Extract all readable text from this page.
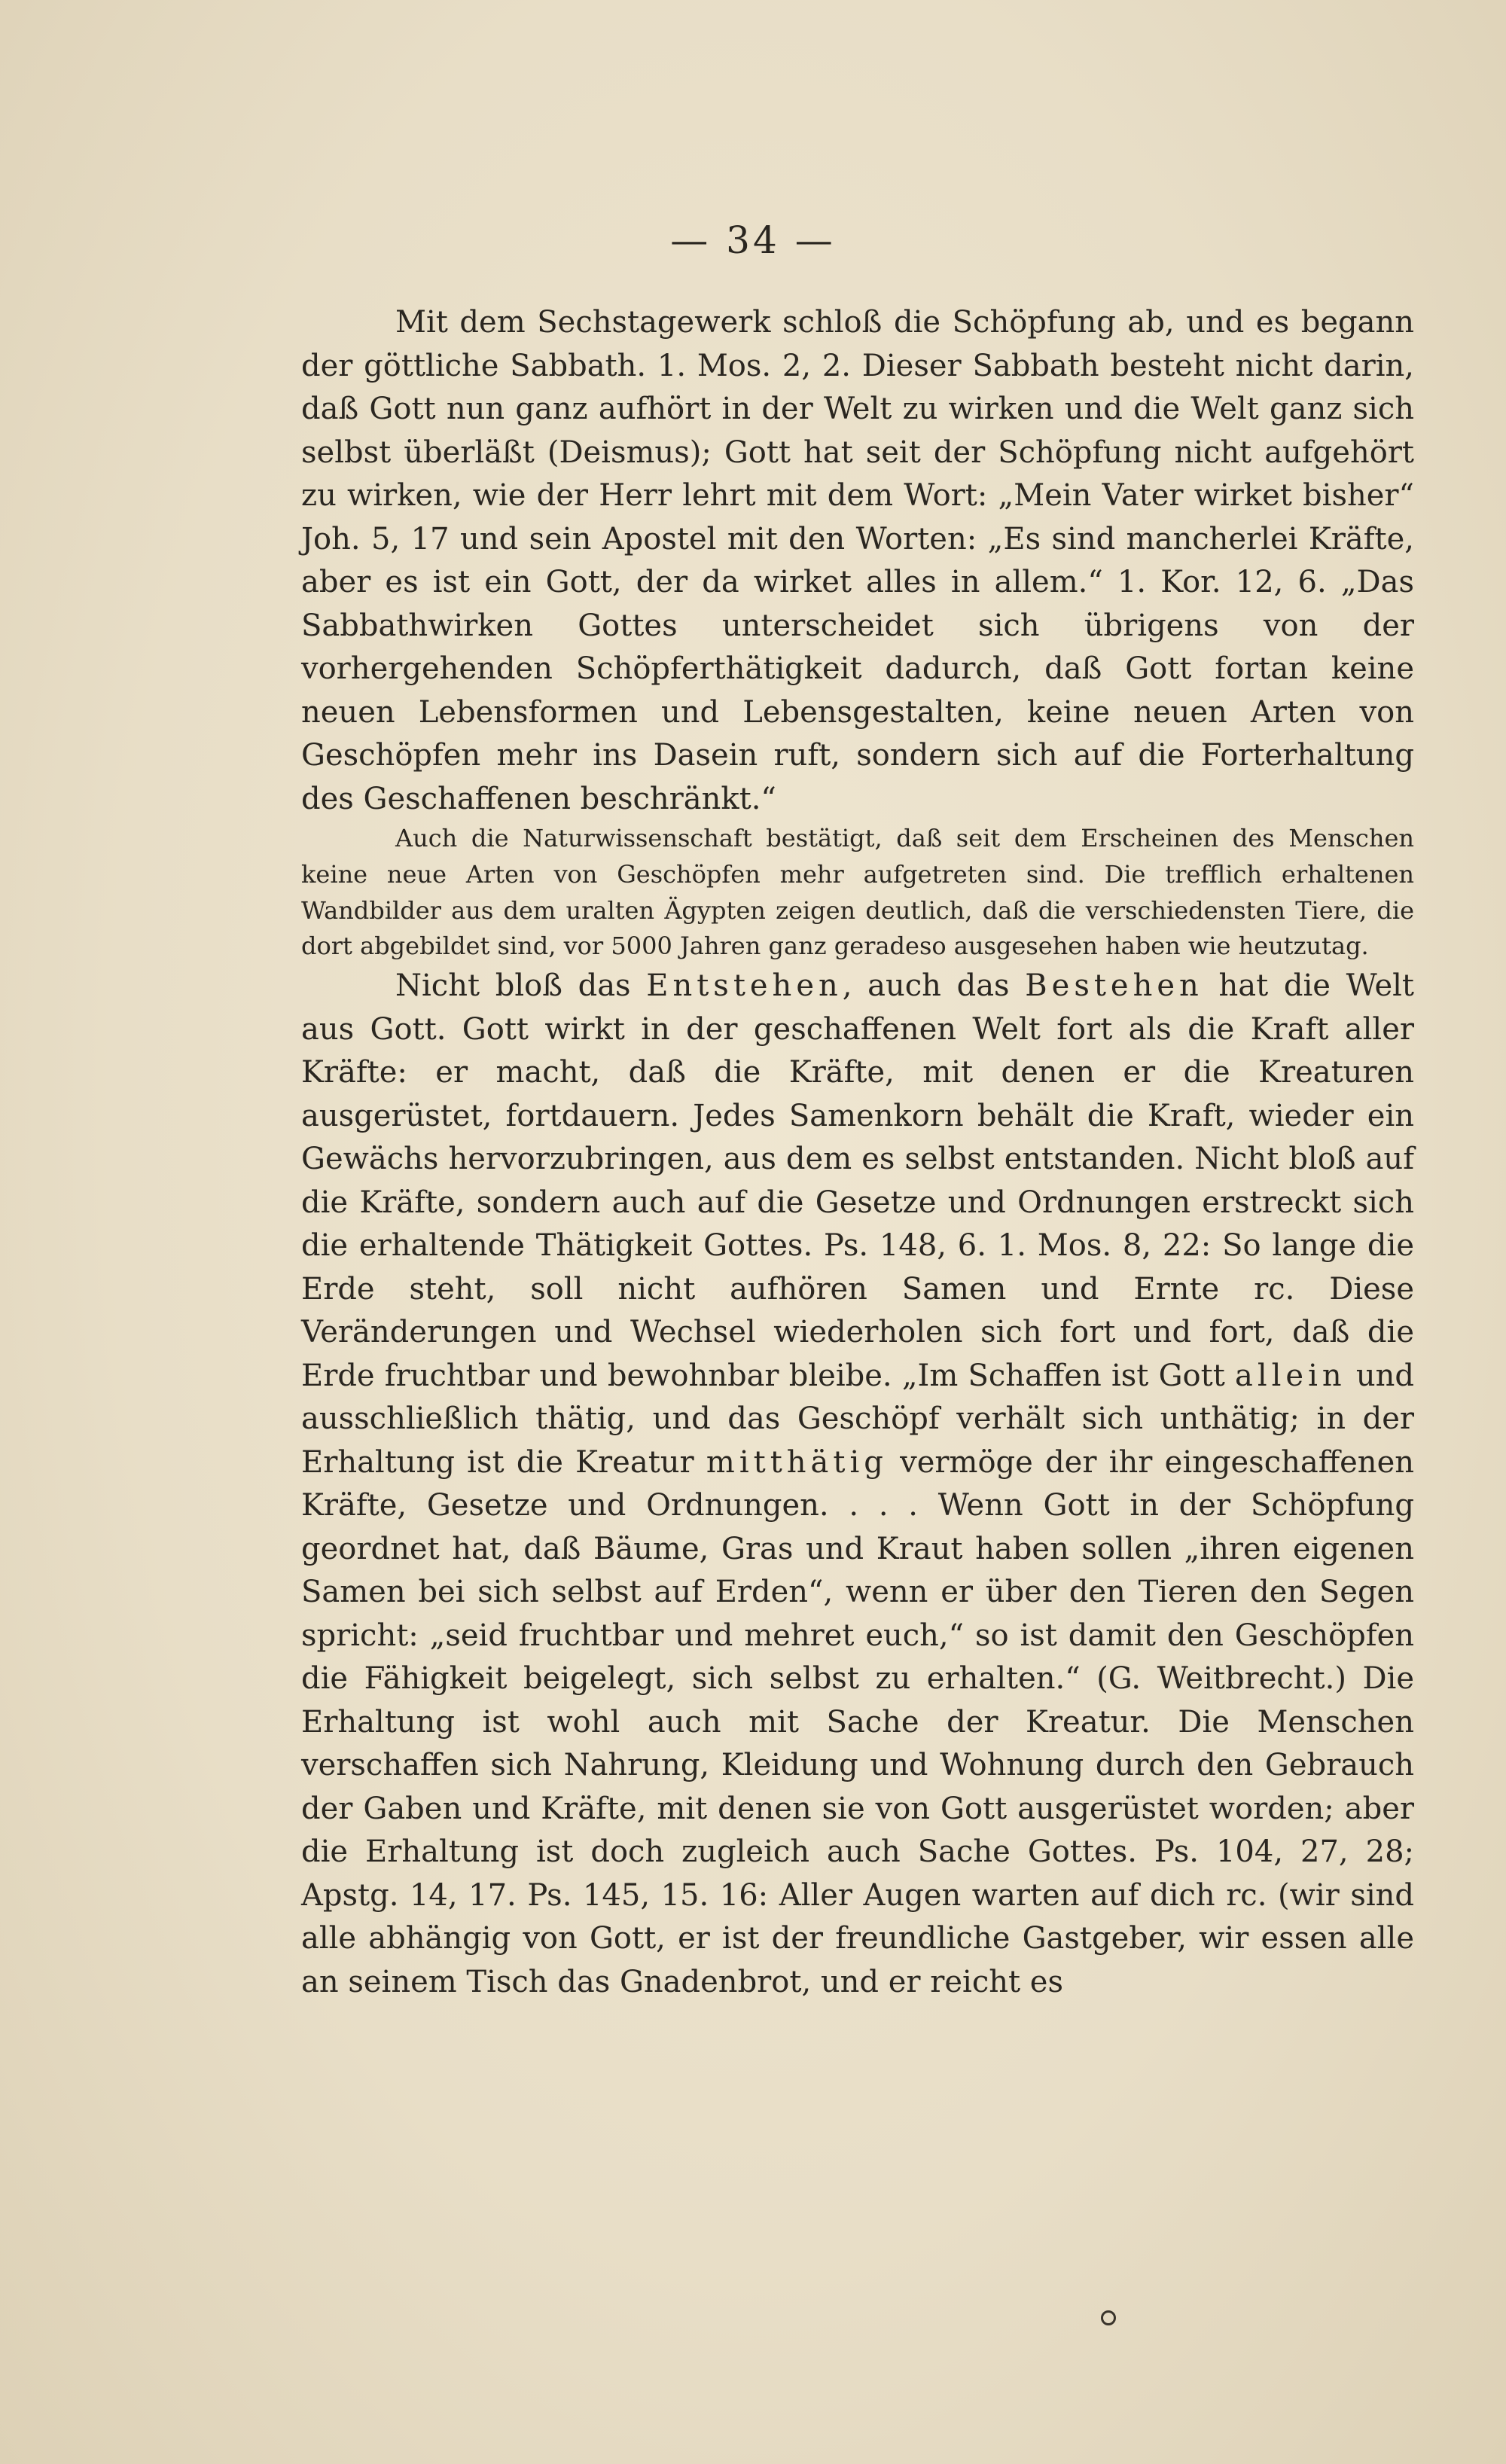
— 34 —

Mit dem Sechstagewerk schloß die Schöpfung ab, und es begann der göttliche Sabbath. 1. Mos. 2, 2. Dieser Sabbath besteht nicht darin, daß Gott nun ganz aufhört in der Welt zu wirken und die Welt ganz sich selbst überläßt (Deismus); Gott hat seit der Schöpfung nicht aufgehört zu wirken, wie der Herr lehrt mit dem Wort: „Mein Vater wirket bisher“ Joh. 5, 17 und sein Apostel mit den Worten: „Es sind mancherlei Kräfte, aber es ist ein Gott, der da wirket alles in allem.“ 1. Kor. 12, 6. „Das Sabbathwirken Gottes unterscheidet sich übrigens von der vorhergehenden Schöpferthätigkeit dadurch, daß Gott fortan keine neuen Lebensformen und Lebensgestalten, keine neuen Arten von Geschöpfen mehr ins Dasein ruft, sondern sich auf die Forterhaltung des Geschaffenen beschränkt.“

Auch die Naturwissenschaft bestätigt, daß seit dem Erscheinen des Menschen keine neue Arten von Geschöpfen mehr aufgetreten sind. Die trefflich erhaltenen Wandbilder aus dem uralten Ägypten zeigen deutlich, daß die verschiedensten Tiere, die dort abgebildet sind, vor 5000 Jahren ganz geradeso ausgesehen haben wie heutzutag.

Nicht bloß das Entstehen, auch das Bestehen hat die Welt aus Gott. Gott wirkt in der geschaffenen Welt fort als die Kraft aller Kräfte: er macht, daß die Kräfte, mit denen er die Kreaturen ausgerüstet, fortdauern. Jedes Samenkorn behält die Kraft, wieder ein Gewächs hervorzubringen, aus dem es selbst entstanden. Nicht bloß auf die Kräfte, sondern auch auf die Gesetze und Ordnungen erstreckt sich die erhaltende Thätigkeit Gottes. Ps. 148, 6. 1. Mos. 8, 22: So lange die Erde steht, soll nicht aufhören Samen und Ernte rc. Diese Veränderungen und Wechsel wiederholen sich fort und fort, daß die Erde fruchtbar und bewohnbar bleibe. „Im Schaffen ist Gott allein und ausschließlich thätig, und das Geschöpf verhält sich unthätig; in der Erhaltung ist die Kreatur mitthätig vermöge der ihr eingeschaffenen Kräfte, Gesetze und Ordnungen. . . . Wenn Gott in der Schöpfung geordnet hat, daß Bäume, Gras und Kraut haben sollen „ihren eigenen Samen bei sich selbst auf Erden“, wenn er über den Tieren den Segen spricht: „seid fruchtbar und mehret euch,“ so ist damit den Geschöpfen die Fähigkeit beigelegt, sich selbst zu erhalten.“ (G. Weitbrecht.) Die Erhaltung ist wohl auch mit Sache der Kreatur. Die Menschen verschaffen sich Nahrung, Kleidung und Wohnung durch den Gebrauch der Gaben und Kräfte, mit denen sie von Gott ausgerüstet worden; aber die Erhaltung ist doch zugleich auch Sache Gottes. Ps. 104, 27, 28; Apstg. 14, 17. Ps. 145, 15. 16: Aller Augen warten auf dich rc. (wir sind alle abhängig von Gott, er ist der freundliche Gastgeber, wir essen alle an seinem Tisch das Gnadenbrot, und er reicht es
